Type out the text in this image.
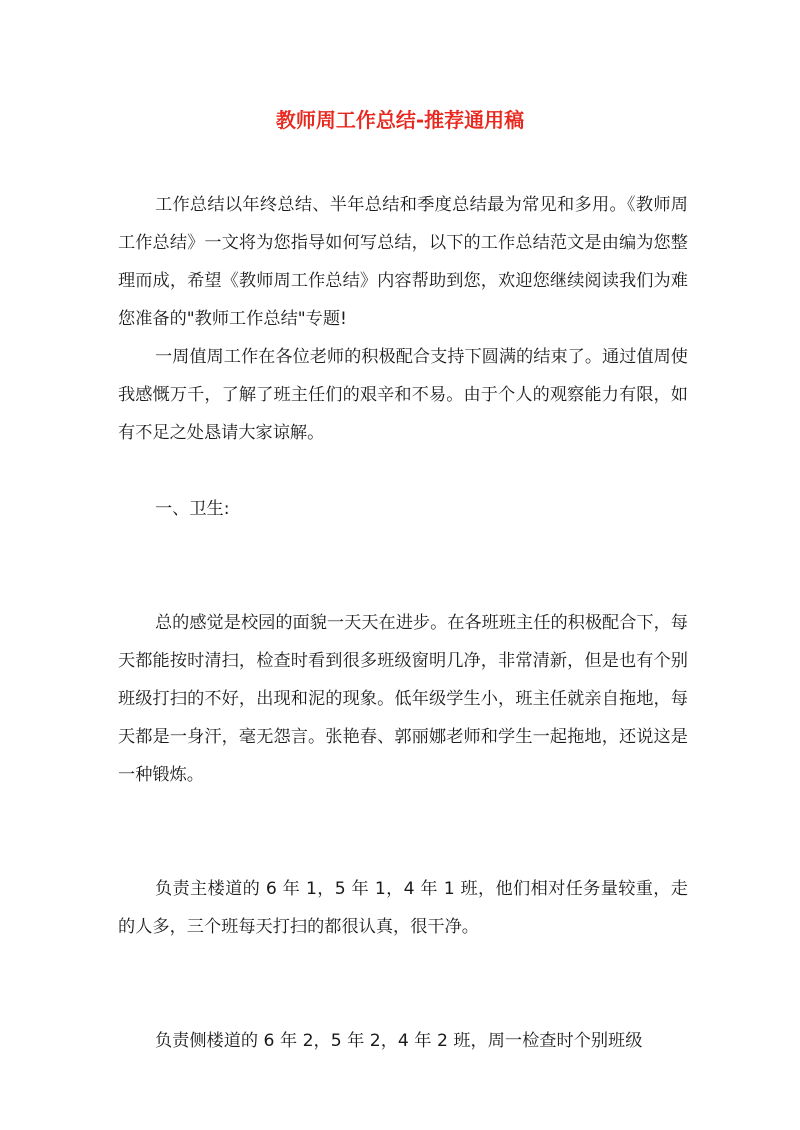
教师周工作总结-推荐通用稿

工作总结以年终总结、半年总结和季度总结最为常见和多用。《教师周工作总结》一文将为您指导如何写总结，以下的工作总结范文是由编为您整理而成，希望《教师周工作总结》内容帮助到您，欢迎您继续阅读我们为难您准备的"教师工作总结"专题!

一周值周工作在各位老师的积极配合支持下圆满的结束了。通过值周使我感慨万千，了解了班主任们的艰辛和不易。由于个人的观察能力有限，如有不足之处恳请大家谅解。

一、卫生:

总的感觉是校园的面貌一天天在进步。在各班班主任的积极配合下，每天都能按时清扫，检查时看到很多班级窗明几净，非常清新，但是也有个别班级打扫的不好，出现和泥的现象。低年级学生小，班主任就亲自拖地，每天都是一身汗，毫无怨言。张艳春、郭丽娜老师和学生一起拖地，还说这是一种锻炼。

负责主楼道的 6 年 1，5 年 1，4 年 1 班，他们相对任务量较重，走的人多，三个班每天打扫的都很认真，很干净。

负责侧楼道的 6 年 2，5 年 2，4 年 2 班，周一检查时个别班级
